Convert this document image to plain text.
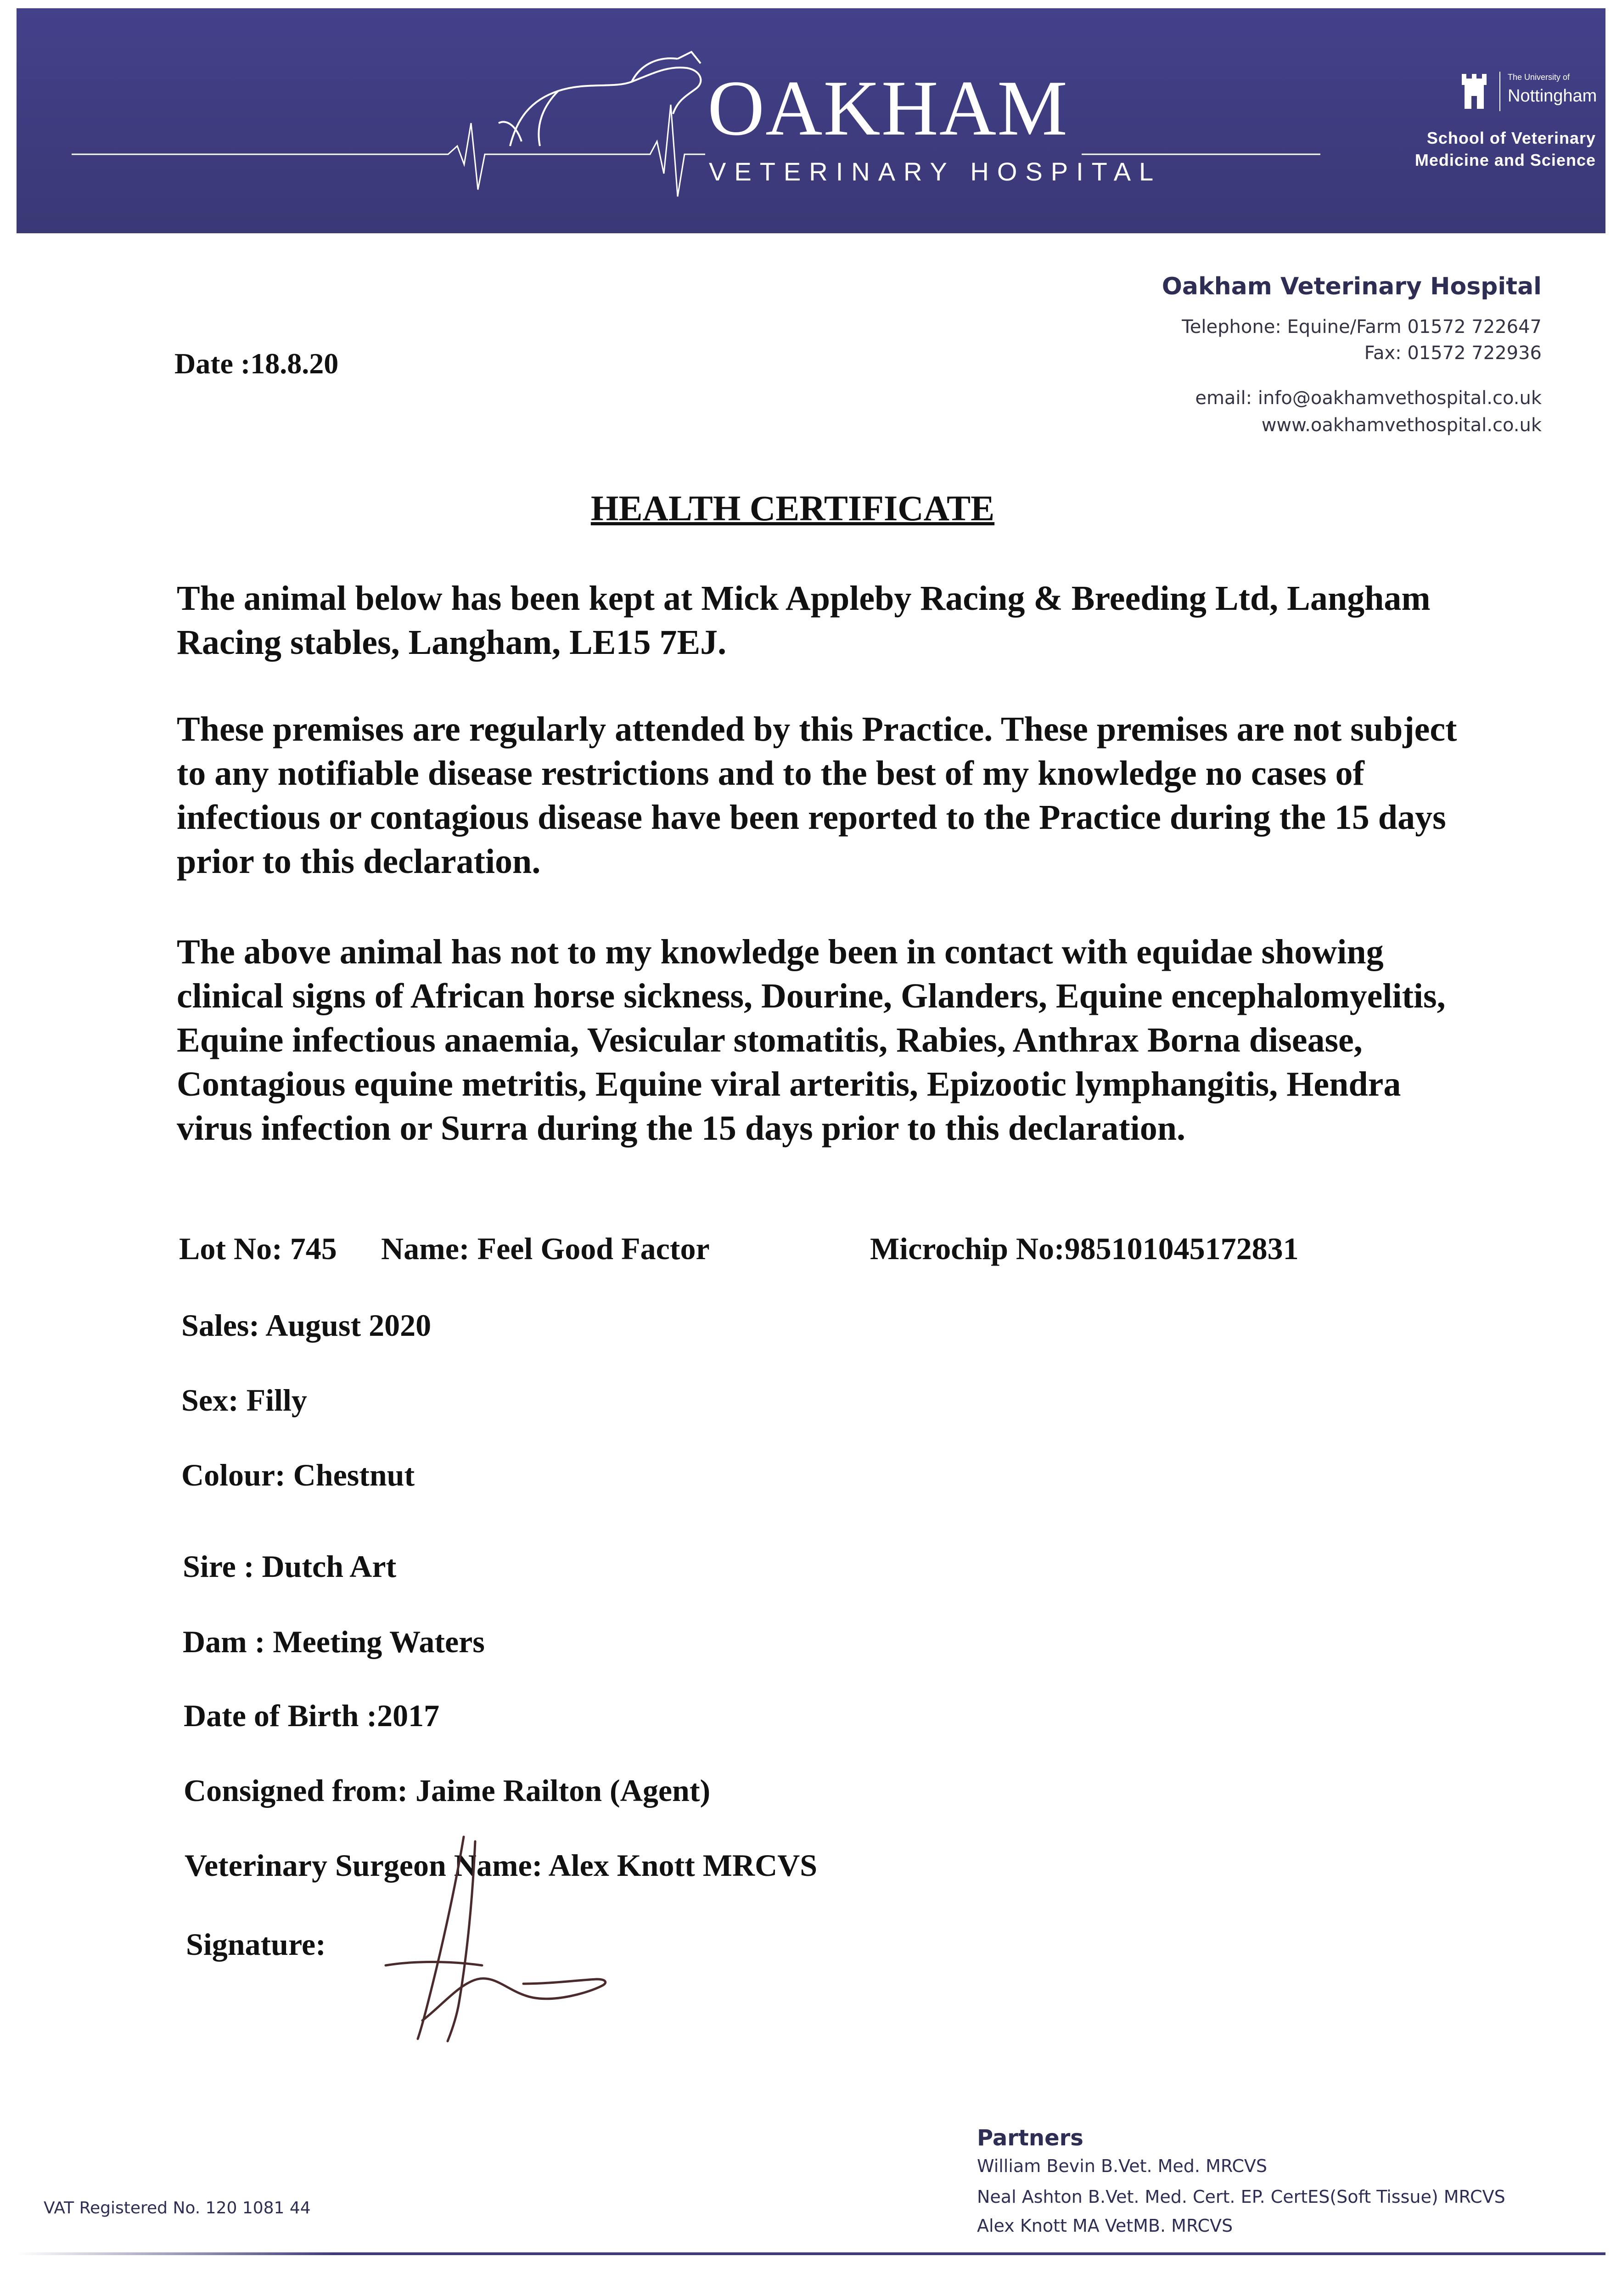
OAKHAM
VETERINARY HOSPITAL
The University of
Nottingham
School of Veterinary
Medicine and Science
Oakham Veterinary Hospital
Telephone: Equine/Farm 01572 722647
Fax: 01572 722936
email: info@oakhamvethospital.co.uk
www.oakhamvethospital.co.uk
Date :18.8.20
HEALTH CERTIFICATE

The animal below has been kept at Mick Appleby Racing & Breeding Ltd, Langham Racing stables, Langham, LE15 7EJ.

These premises are regularly attended by this Practice. These premises are not subject to any notifiable disease restrictions and to the best of my knowledge no cases of infectious or contagious disease have been reported to the Practice during the 15 days prior to this declaration.

The above animal has not to my knowledge been in contact with equidae showing clinical signs of African horse sickness, Dourine, Glanders, Equine encephalomyelitis, Equine infectious anaemia, Vesicular stomatitis, Rabies, Anthrax Borna disease, Contagious equine metritis, Equine viral arteritis, Epizootic lymphangitis, Hendra virus infection or Surra during the 15 days prior to this declaration.

Lot No: 745 Name: Feel Good Factor	Microchip No:985101045172831
Sales: August 2020
Sex: Filly
Colour: Chestnut
Sire : Dutch Art
Dam : Meeting Waters
Date of Birth :2017
Consigned from: Jaime Railton (Agent)
Veterinary Surgeon Name: Alex Knott MRCVS
Signature:
VAT Registered No. 120 1081 44
Partners
William Bevin B.Vet. Med. MRCVS
Neal Ashton B.Vet. Med. Cert. EP. CertES(Soft Tissue) MRCVS
Alex Knott MA VetMB. MRCVS
